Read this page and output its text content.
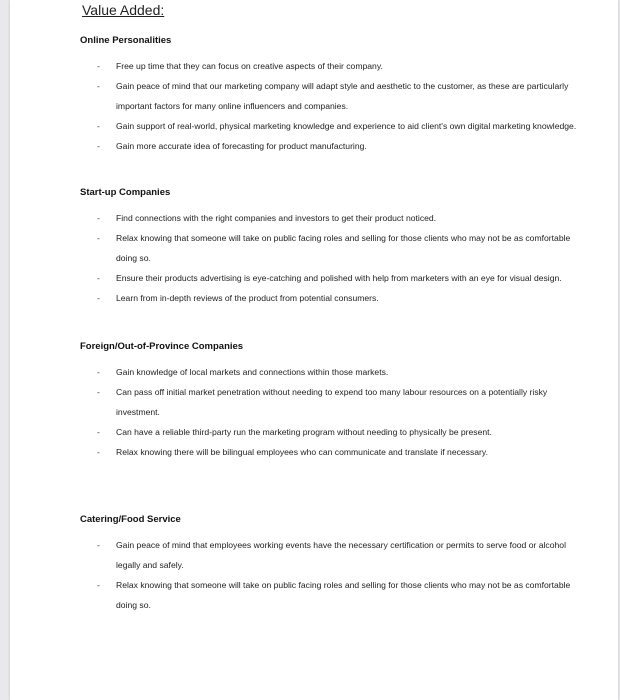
Value Added:
Online Personalities
- Free up time that they can focus on creative aspects of their company.
- Gain peace of mind that our marketing company will adapt style and aesthetic to the customer, as these are particularly important factors for many online influencers and companies.
- Gain support of real-world, physical marketing knowledge and experience to aid client's own digital marketing knowledge.
- Gain more accurate idea of forecasting for product manufacturing.
Start-up Companies
- Find connections with the right companies and investors to get their product noticed.
- Relax knowing that someone will take on public facing roles and selling for those clients who may not be as comfortable doing so.
- Ensure their products advertising is eye-catching and polished with help from marketers with an eye for visual design.
- Learn from in-depth reviews of the product from potential consumers.
Foreign/Out-of-Province Companies
- Gain knowledge of local markets and connections within those markets.
- Can pass off initial market penetration without needing to expend too many labour resources on a potentially risky investment.
- Can have a reliable third-party run the marketing program without needing to physically be present.
- Relax knowing there will be bilingual employees who can communicate and translate if necessary.
Catering/Food Service
- Gain peace of mind that employees working events have the necessary certification or permits to serve food or alcohol legally and safely.
- Relax knowing that someone will take on public facing roles and selling for those clients who may not be as comfortable doing so.
